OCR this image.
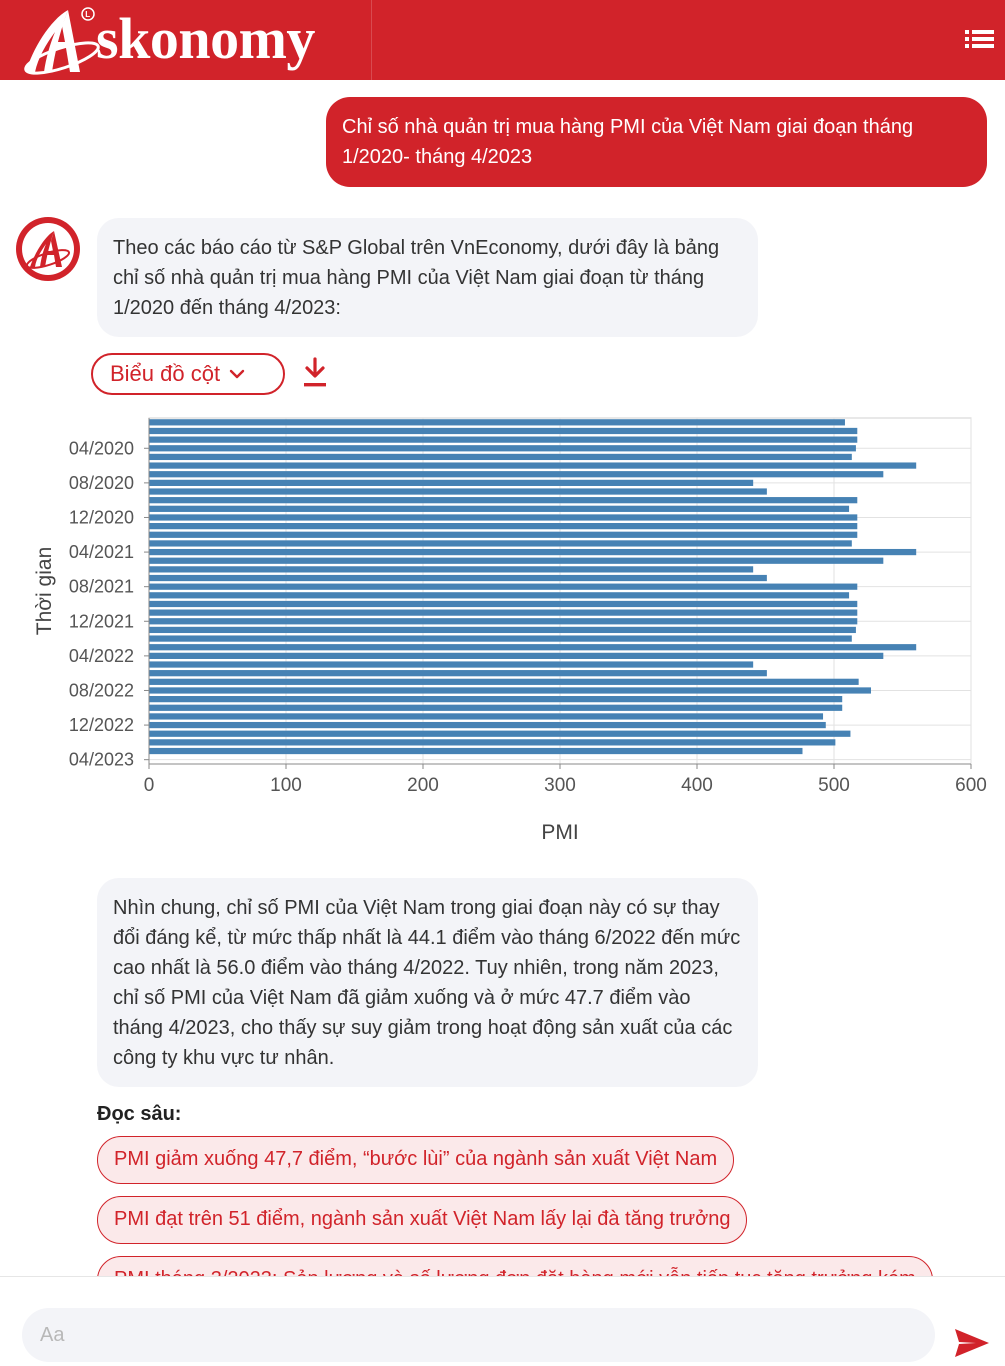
L skonomy
Chỉ số nhà quản trị mua hàng PMI của Việt Nam giai đoạn tháng 1/2020- tháng 4/2023
Theo các báo cáo từ S&P Global trên VnEconomy, dưới đây là bảng chỉ số nhà quản trị mua hàng PMI của Việt Nam giai đoạn từ tháng 1/2020 đến tháng 4/2023:
Biểu đồ cột
0	100	200	300	400	500	600
04/2020
08/2020
12/2020
04/2021
08/2021
12/2021
04/2022
08/2022
12/2022
04/2023
PMI
Thời gian
Nhìn chung, chỉ số PMI của Việt Nam trong giai đoạn này có sự thay đổi đáng kể, từ mức thấp nhất là 44.1 điểm vào tháng 6/2022 đến mức cao nhất là 56.0 điểm vào tháng 4/2022. Tuy nhiên, trong năm 2023, chỉ số PMI của Việt Nam đã giảm xuống và ở mức 47.7 điểm vào tháng 4/2023, cho thấy sự suy giảm trong hoạt động sản xuất của các công ty khu vực tư nhân.
Đọc sâu:
PMI giảm xuống 47,7 điểm, “bước lùi” của ngành sản xuất Việt Nam
PMI đạt trên 51 điểm, ngành sản xuất Việt Nam lấy lại đà tăng trưởng
Aa
